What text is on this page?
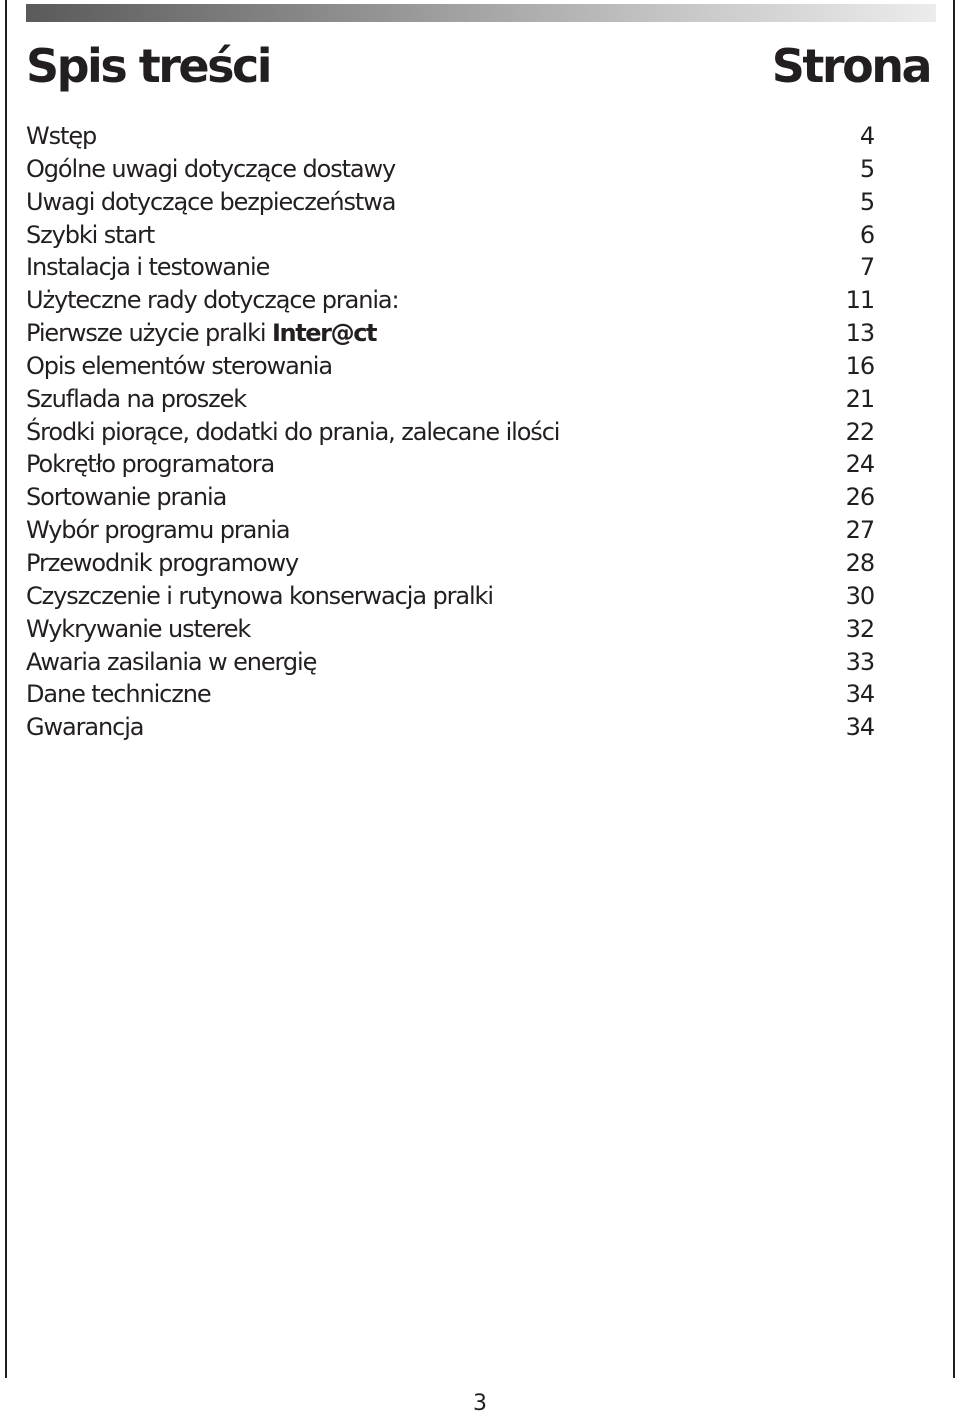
Spis treści	Strona
Wstęp	4
Ogólne uwagi dotyczące dostawy	5
Uwagi dotyczące bezpieczeństwa	5
Szybki start	6
Instalacja i testowanie	7
Użyteczne rady dotyczące prania:	11
Pierwsze użycie pralki Inter@ct	13
Opis elementów sterowania	16
Szuflada na proszek	21
Środki piorące, dodatki do prania, zalecane ilości	22
Pokrętło programatora	24
Sortowanie prania	26
Wybór programu prania	27
Przewodnik programowy	28
Czyszczenie i rutynowa konserwacja pralki	30
Wykrywanie usterek	32
Awaria zasilania w energię	33
Dane techniczne	34
Gwarancja	34
3
